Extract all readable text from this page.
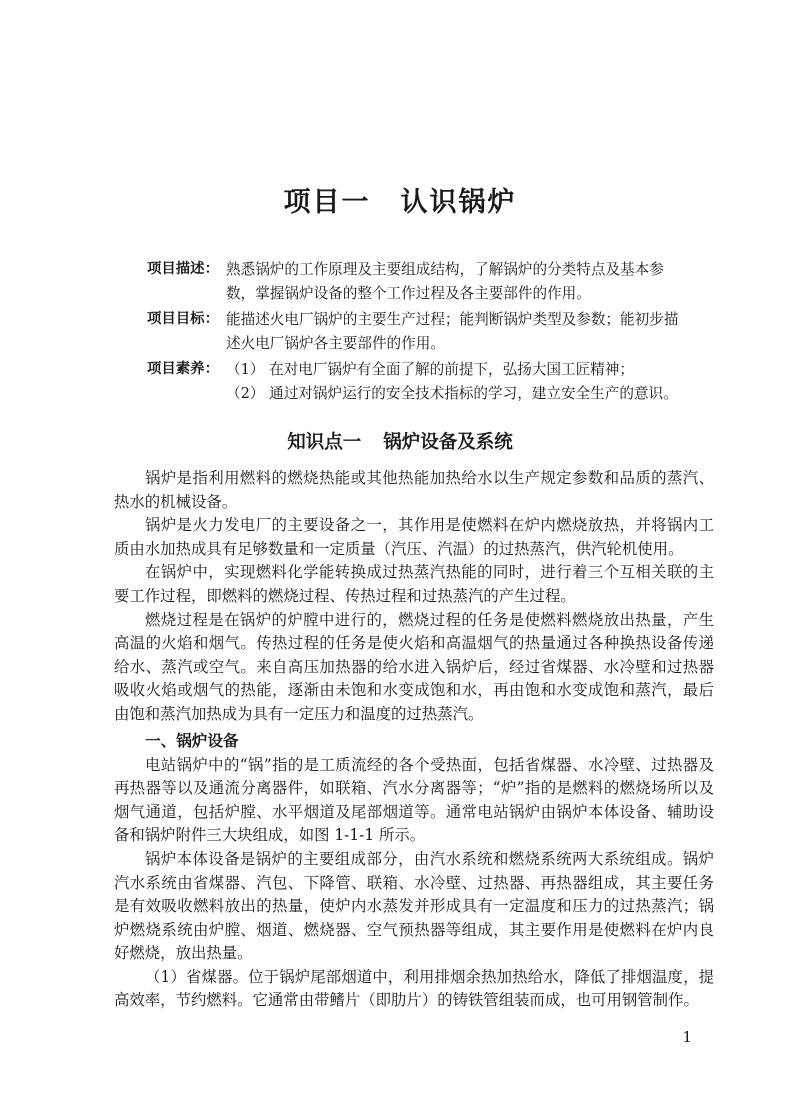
项目一 认识锅炉
项目描述： 熟悉锅炉的工作原理及主要组成结构，了解锅炉的分类特点及基本参
数，掌握锅炉设备的整个工作过程及各主要部件的作用。
项目目标： 能描述火电厂锅炉的主要生产过程；能判断锅炉类型及参数；能初步描
述火电厂锅炉各主要部件的作用。
项目素养： （1） 在对电厂锅炉有全面了解的前提下，弘扬大国工匠精神；
（2） 通过对锅炉运行的安全技术指标的学习，建立安全生产的意识。
知识点一 锅炉设备及系统

锅炉是指利用燃料的燃烧热能或其他热能加热给水以生产规定参数和品质的蒸汽、热水的机械设备。

锅炉是火力发电厂的主要设备之一，其作用是使燃料在炉内燃烧放热，并将锅内工质由水加热成具有足够数量和一定质量（汽压、汽温）的过热蒸汽，供汽轮机使用。

在锅炉中，实现燃料化学能转换成过热蒸汽热能的同时，进行着三个互相关联的主要工作过程，即燃料的燃烧过程、传热过程和过热蒸汽的产生过程。

燃烧过程是在锅炉的炉膛中进行的，燃烧过程的任务是使燃料燃烧放出热量，产生高温的火焰和烟气。传热过程的任务是使火焰和高温烟气的热量通过各种换热设备传递给水、蒸汽或空气。来自高压加热器的给水进入锅炉后，经过省煤器、水冷壁和过热器吸收火焰或烟气的热能，逐渐由未饱和水变成饱和水，再由饱和水变成饱和蒸汽，最后由饱和蒸汽加热成为具有一定压力和温度的过热蒸汽。

一、锅炉设备

电站锅炉中的“锅”指的是工质流经的各个受热面，包括省煤器、水冷壁、过热器及再热器等以及通流分离器件，如联箱、汽水分离器等；“炉”指的是燃料的燃烧场所以及烟气通道，包括炉膛、水平烟道及尾部烟道等。通常电站锅炉由锅炉本体设备、辅助设备和锅炉附件三大块组成，如图 1-1-1 所示。

锅炉本体设备是锅炉的主要组成部分，由汽水系统和燃烧系统两大系统组成。锅炉汽水系统由省煤器、汽包、下降管、联箱、水冷壁、过热器、再热器组成，其主要任务是有效吸收燃料放出的热量，使炉内水蒸发并形成具有一定温度和压力的过热蒸汽；锅炉燃烧系统由炉膛、烟道、燃烧器、空气预热器等组成，其主要作用是使燃料在炉内良好燃烧，放出热量。

（1）省煤器。位于锅炉尾部烟道中，利用排烟余热加热给水，降低了排烟温度，提高效率，节约燃料。它通常由带鳍片（即肋片）的铸铁管组装而成，也可用钢管制作。

1
